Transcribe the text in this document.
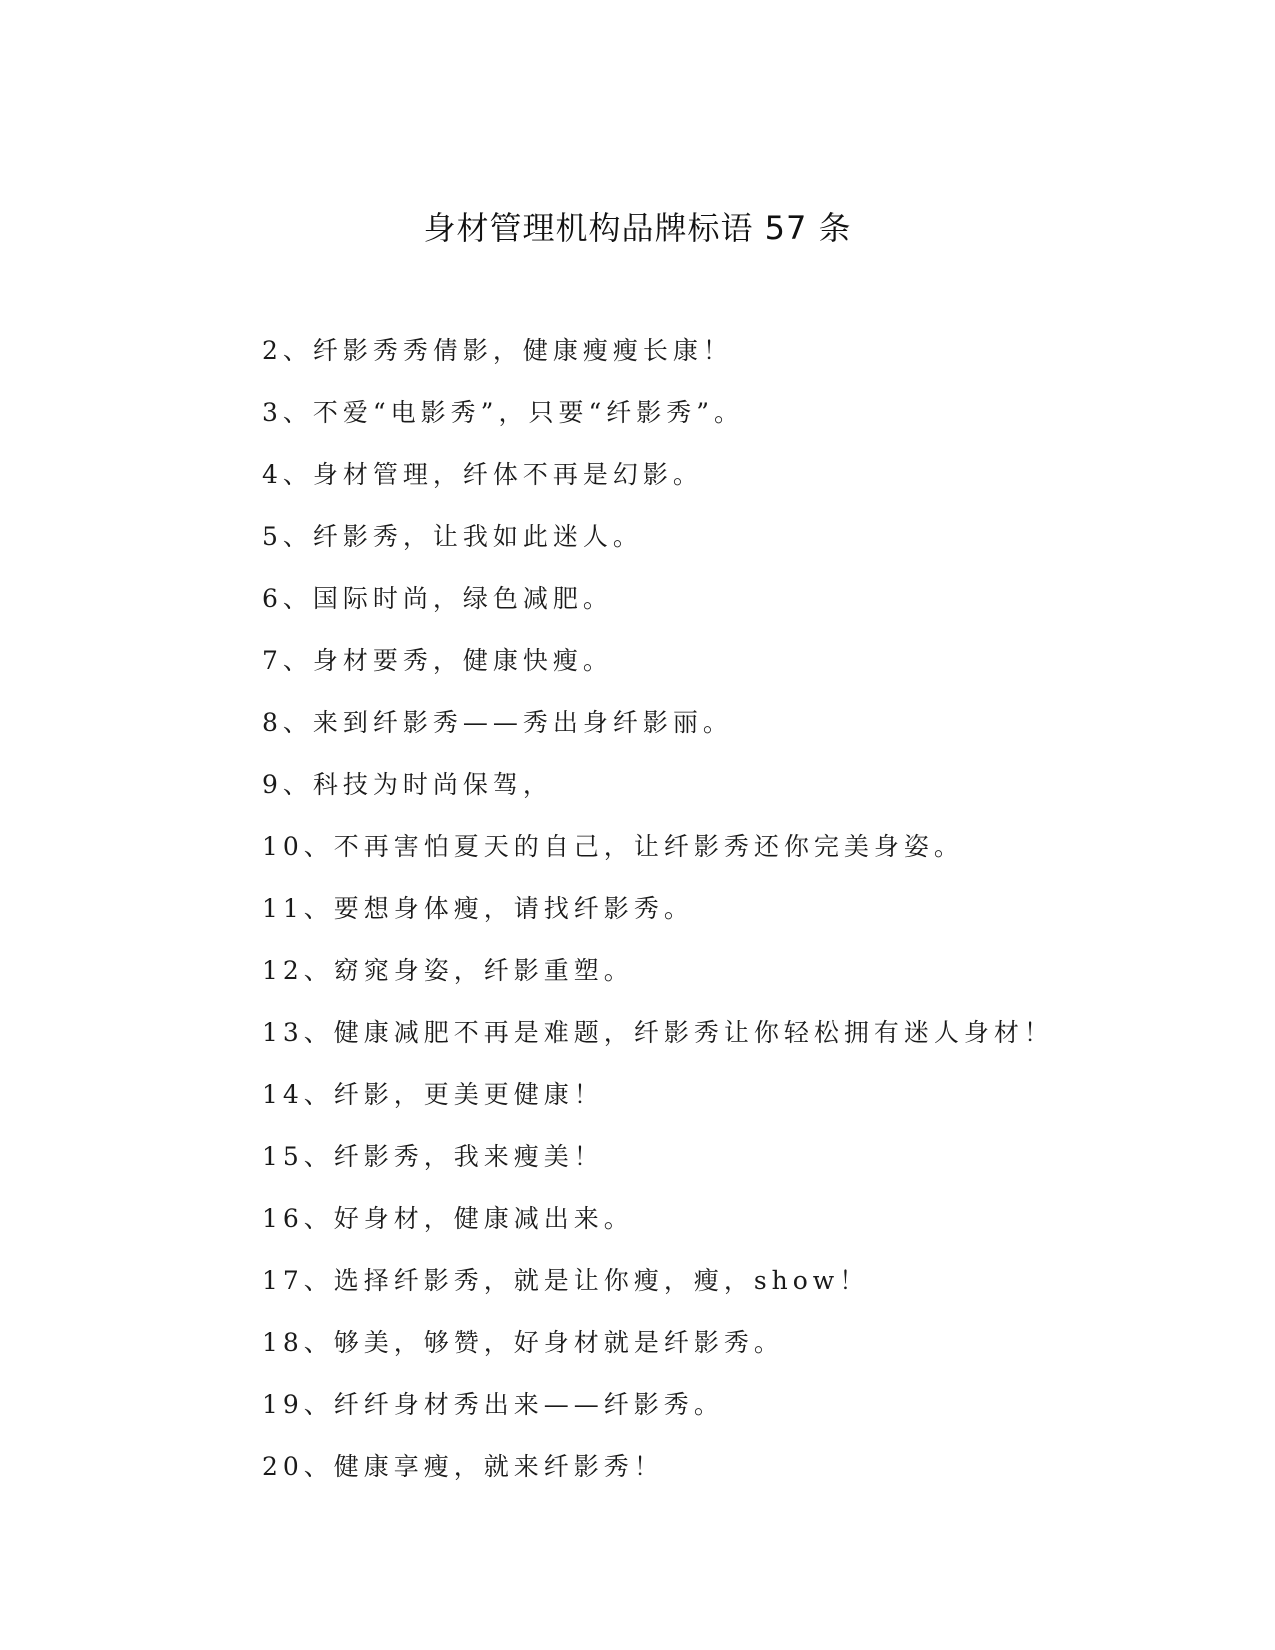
身材管理机构品牌标语 57 条
2、纤影秀秀倩影，健康瘦瘦长康！
3、不爱“电影秀”，只要“纤影秀”。
4、身材管理，纤体不再是幻影。
5、纤影秀，让我如此迷人。
6、国际时尚，绿色减肥。
7、身材要秀，健康快瘦。
8、来到纤影秀——秀出身纤影丽。
9、科技为时尚保驾，
10、不再害怕夏天的自己，让纤影秀还你完美身姿。
11、要想身体瘦，请找纤影秀。
12、窈窕身姿，纤影重塑。
13、健康减肥不再是难题，纤影秀让你轻松拥有迷人身材！
14、纤影，更美更健康！
15、纤影秀，我来瘦美！
16、好身材，健康减出来。
17、选择纤影秀，就是让你瘦，瘦，show！
18、够美，够赞，好身材就是纤影秀。
19、纤纤身材秀出来——纤影秀。
20、健康享瘦，就来纤影秀！
